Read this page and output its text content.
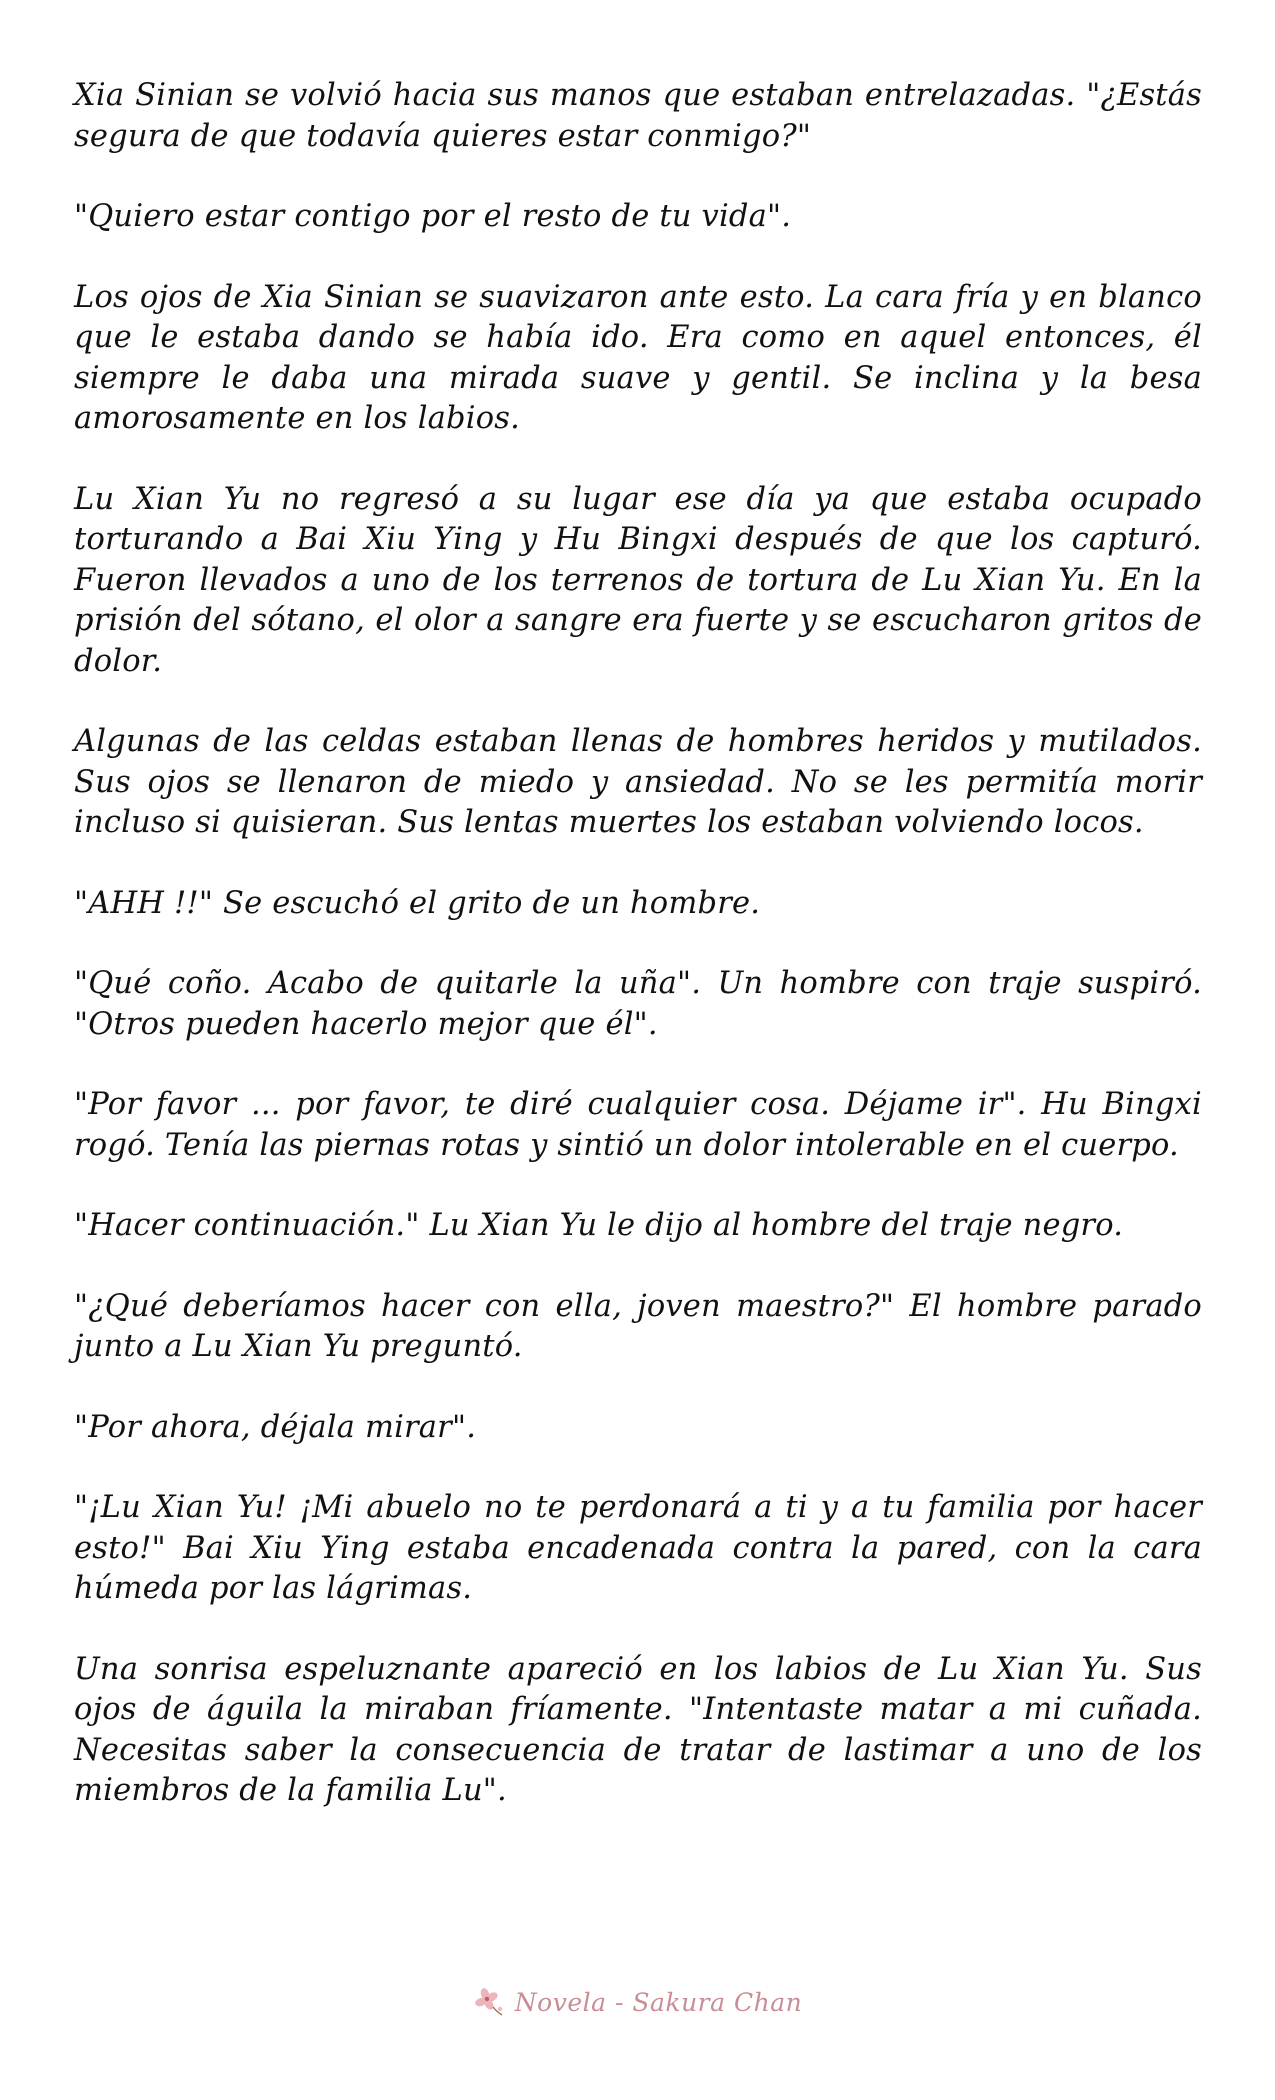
Xia Sinian se volvió hacia sus manos que estaban entrelazadas. "¿Estás segura de que todavía quieres estar conmigo?"

"Quiero estar contigo por el resto de tu vida".

Los ojos de Xia Sinian se suavizaron ante esto. La cara fría y en blanco que le estaba dando se había ido. Era como en aquel entonces, él siempre le daba una mirada suave y gentil. Se inclina y la besa amorosamente en los labios.

Lu Xian Yu no regresó a su lugar ese día ya que estaba ocupado torturando a Bai Xiu Ying y Hu Bingxi después de que los capturó. Fueron llevados a uno de los terrenos de tortura de Lu Xian Yu. En la prisión del sótano, el olor a sangre era fuerte y se escucharon gritos de dolor.

Algunas de las celdas estaban llenas de hombres heridos y mutilados. Sus ojos se llenaron de miedo y ansiedad. No se les permitía morir incluso si quisieran. Sus lentas muertes los estaban volviendo locos.

"AHH !!" Se escuchó el grito de un hombre.

"Qué coño. Acabo de quitarle la uña". Un hombre con traje suspiró. "Otros pueden hacerlo mejor que él".

"Por favor ... por favor, te diré cualquier cosa. Déjame ir". Hu Bingxi rogó. Tenía las piernas rotas y sintió un dolor intolerable en el cuerpo.

"Hacer continuación." Lu Xian Yu le dijo al hombre del traje negro.

"¿Qué deberíamos hacer con ella, joven maestro?" El hombre parado junto a Lu Xian Yu preguntó.

"Por ahora, déjala mirar".

"¡Lu Xian Yu! ¡Mi abuelo no te perdonará a ti y a tu familia por hacer esto!" Bai Xiu Ying estaba encadenada contra la pared, con la cara húmeda por las lágrimas.

Una sonrisa espeluznante apareció en los labios de Lu Xian Yu. Sus ojos de águila la miraban fríamente. "Intentaste matar a mi cuñada. Necesitas saber la consecuencia de tratar de lastimar a uno de los miembros de la familia Lu".

Novela - Sakura Chan
